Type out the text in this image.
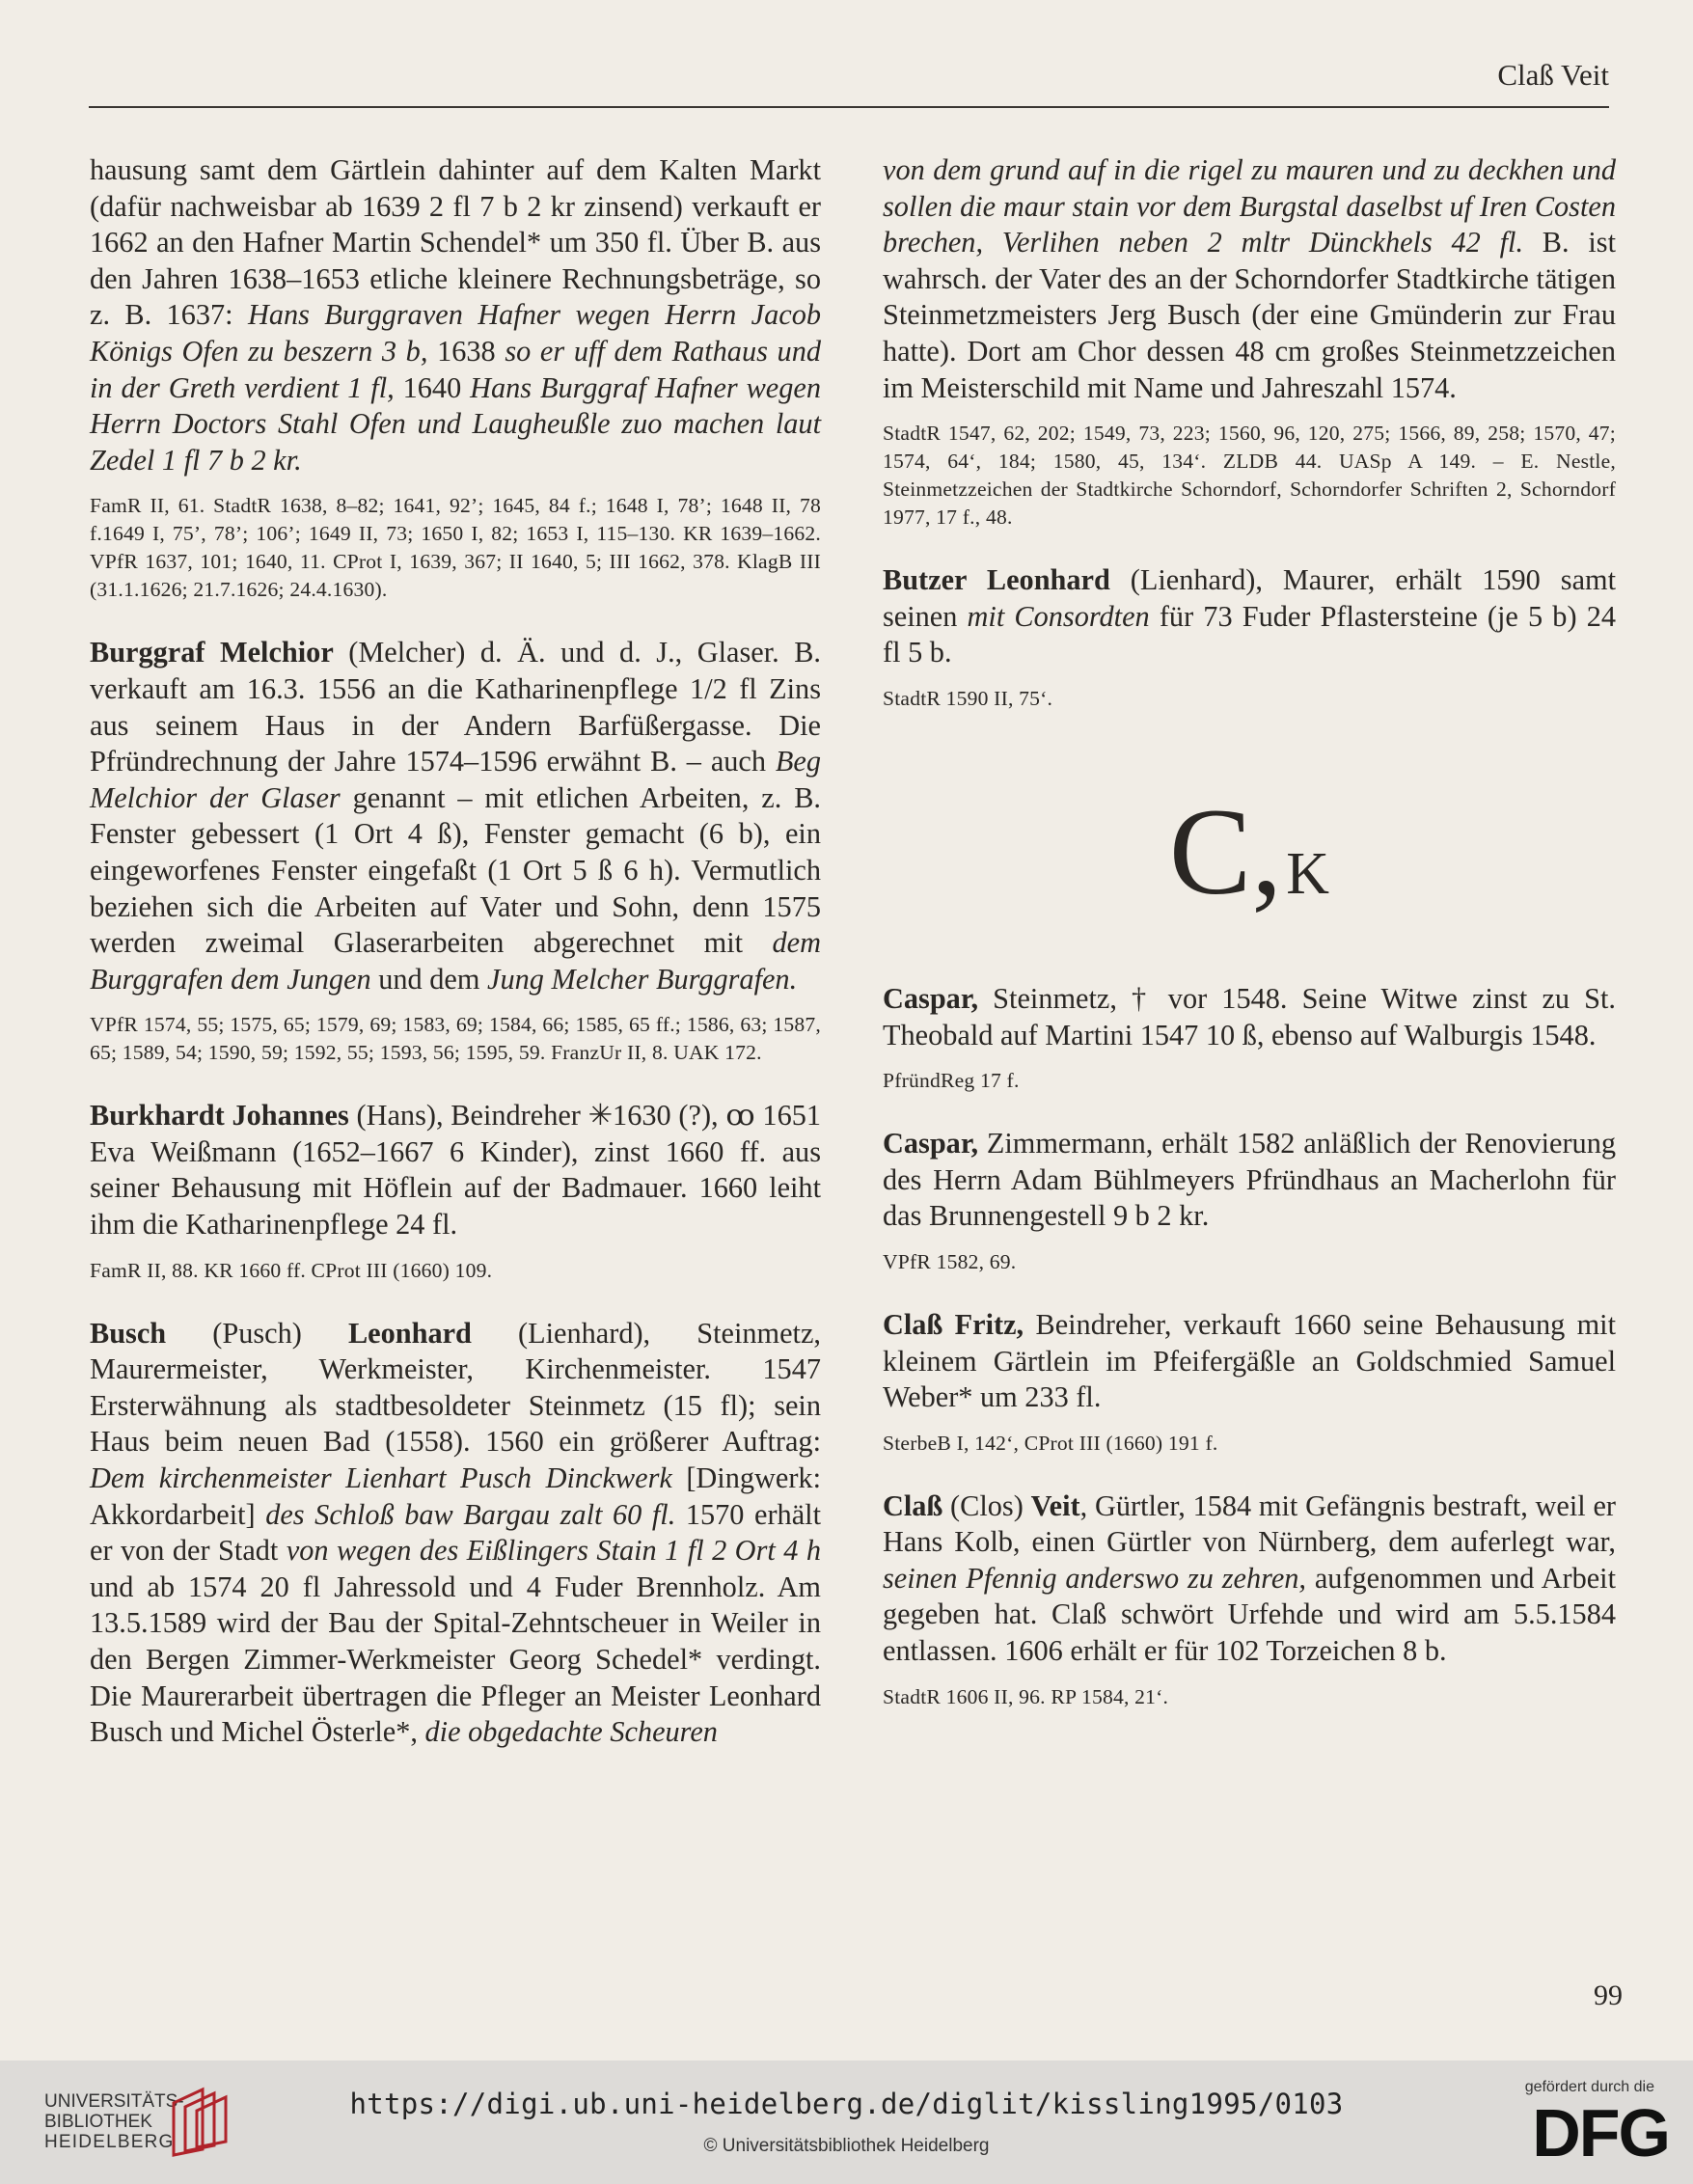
Claß Veit

hausung samt dem Gärtlein dahinter auf dem Kalten Markt (dafür nachweisbar ab 1639 2 fl 7 b 2 kr zinsend) verkauft er 1662 an den Hafner Martin Schendel* um 350 fl. Über B. aus den Jahren 1638–1653 etliche kleinere Rechnungsbeträge, so z. B. 1637: Hans Burggraven Hafner wegen Herrn Jacob Königs Ofen zu beszern 3 b, 1638 so er uff dem Rathaus und in der Greth verdient 1 fl, 1640 Hans Burggraf Hafner wegen Herrn Doctors Stahl Ofen und Laugheußle zuo machen laut Zedel 1 fl 7 b 2 kr.

FamR II, 61. StadtR 1638, 8–82; 1641, 92’; 1645, 84 f.; 1648 I, 78’; 1648 II, 78 f.1649 I, 75’, 78’; 106’; 1649 II, 73; 1650 I, 82; 1653 I, 115–130. KR 1639–1662. VPfR 1637, 101; 1640, 11. CProt I, 1639, 367; II 1640, 5; III 1662, 378. KlagB III (31.1.1626; 21.7.1626; 24.4.1630).

Burggraf Melchior (Melcher) d. Ä. und d. J., Glaser. B. verkauft am 16.3. 1556 an die Katharinenpflege 1/2 fl Zins aus seinem Haus in der Andern Barfüßergasse. Die Pfründrechnung der Jahre 1574–1596 erwähnt B. – auch Beg Melchior der Glaser genannt – mit etlichen Arbeiten, z. B. Fenster gebessert (1 Ort 4 ß), Fenster gemacht (6 b), ein eingeworfenes Fenster eingefaßt (1 Ort 5 ß 6 h). Vermutlich beziehen sich die Arbeiten auf Vater und Sohn, denn 1575 werden zweimal Glaserarbeiten abgerechnet mit dem Burggrafen dem Jungen und dem Jung Melcher Burggrafen.

VPfR 1574, 55; 1575, 65; 1579, 69; 1583, 69; 1584, 66; 1585, 65 ff.; 1586, 63; 1587, 65; 1589, 54; 1590, 59; 1592, 55; 1593, 56; 1595, 59. FranzUr II, 8. UAK 172.

Burkhardt Johannes (Hans), Beindreher ✳1630 (?), ꝏ 1651 Eva Weißmann (1652–1667 6 Kinder), zinst 1660 ff. aus seiner Behausung mit Höflein auf der Badmauer. 1660 leiht ihm die Katharinenpflege 24 fl.

FamR II, 88. KR 1660 ff. CProt III (1660) 109.

Busch (Pusch) Leonhard (Lienhard), Steinmetz, Maurermeister, Werkmeister, Kirchenmeister. 1547 Ersterwähnung als stadtbesoldeter Steinmetz (15 fl); sein Haus beim neuen Bad (1558). 1560 ein größerer Auftrag: Dem kirchenmeister Lienhart Pusch Dinckwerk [Dingwerk: Akkordarbeit] des Schloß baw Bargau zalt 60 fl. 1570 erhält er von der Stadt von wegen des Eißlingers Stain 1 fl 2 Ort 4 h und ab 1574 20 fl Jahressold und 4 Fuder Brennholz. Am 13.5.1589 wird der Bau der Spital-Zehntscheuer in Weiler in den Bergen Zimmer-Werkmeister Georg Schedel* verdingt. Die Maurerarbeit übertragen die Pfleger an Meister Leonhard Busch und Michel Österle*, die obgedachte Scheuren

von dem grund auf in die rigel zu mauren und zu deckhen und sollen die maur stain vor dem Burgstal daselbst uf Iren Costen brechen, Verlihen neben 2 mltr Dünckhels 42 fl. B. ist wahrsch. der Vater des an der Schorndorfer Stadtkirche tätigen Steinmetzmeisters Jerg Busch (der eine Gmünderin zur Frau hatte). Dort am Chor dessen 48 cm großes Steinmetzzeichen im Meisterschild mit Name und Jahreszahl 1574.

StadtR 1547, 62, 202; 1549, 73, 223; 1560, 96, 120, 275; 1566, 89, 258; 1570, 47; 1574, 64‘, 184; 1580, 45, 134‘. ZLDB 44. UASp A 149. – E. Nestle, Steinmetzzeichen der Stadtkirche Schorndorf, Schorndorfer Schriften 2, Schorndorf 1977, 17 f., 48.

Butzer Leonhard (Lienhard), Maurer, erhält 1590 samt seinen mit Consordten für 73 Fuder Pflastersteine (je 5 b) 24 fl 5 b.

StadtR 1590 II, 75‘.

C, K

Caspar, Steinmetz, † vor 1548. Seine Witwe zinst zu St. Theobald auf Martini 1547 10 ß, ebenso auf Walburgis 1548.

PfründReg 17 f.

Caspar, Zimmermann, erhält 1582 anläßlich der Renovierung des Herrn Adam Bühlmeyers Pfründhaus an Macherlohn für das Brunnengestell 9 b 2 kr.

VPfR 1582, 69.

Claß Fritz, Beindreher, verkauft 1660 seine Behausung mit kleinem Gärtlein im Pfeifergäßle an Goldschmied Samuel Weber* um 233 fl.

SterbeB I, 142‘, CProt III (1660) 191 f.

Claß (Clos) Veit, Gürtler, 1584 mit Gefängnis bestraft, weil er Hans Kolb, einen Gürtler von Nürnberg, dem auferlegt war, seinen Pfennig anderswo zu zehren, aufgenommen und Arbeit gegeben hat. Claß schwört Urfehde und wird am 5.5.1584 entlassen. 1606 erhält er für 102 Torzeichen 8 b.

StadtR 1606 II, 96. RP 1584, 21‘.

99
UNIVERSITÄTS-
BIBLIOTHEK
HEIDELBERG
https://digi.ub.uni-heidelberg.de/diglit/kissling1995/0103
© Universitätsbibliothek Heidelberg
gefördert durch die
DFG
